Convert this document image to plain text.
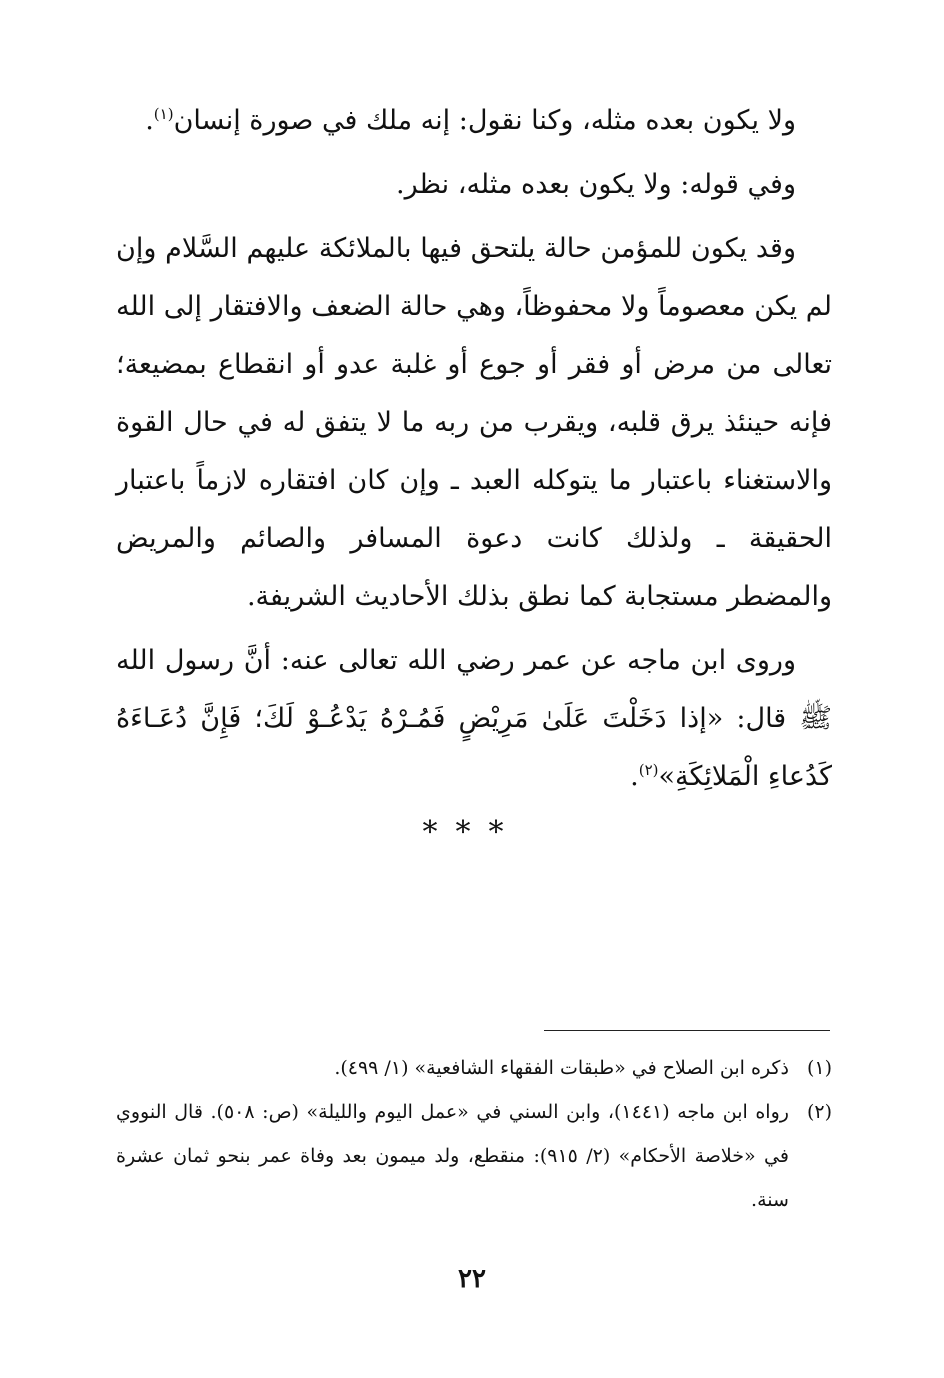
ولا يكون بعده مثله، وكنا نقول: إنه ملك في صورة إنسان$^{(١)}$.

وفي قوله: ولا يكون بعده مثله، نظر.

وقد يكون للمؤمن حالة يلتحق فيها بالملائكة عليهم السَّلام وإن لم يكن معصوماً ولا محفوظاً، وهي حالة الضعف والافتقار إلى الله تعالى من مرض أو فقر أو جوع أو غلبة عدو أو انقطاع بمضيعة؛ فإنه حينئذ يرق قلبه، ويقرب من ربه ما لا يتفق له في حال القوة والاستغناء باعتبار ما يتوكله العبد ـ وإن كان افتقاره لازماً باعتبار الحقيقة ـ ولذلك كانت دعوة المسافر والصائم والمريض والمضطر مستجابة كما نطق بذلك الأحاديث الشريفة.

وروى ابن ماجه عن عمر رضي الله تعالى عنه: أنَّ رسول الله ﷺ قال: «إذا دَخَلْتَ عَلَىٰ مَرِيْضٍ فَمُـرْهُ يَدْعُـوْ لَكَ؛ فَإِنَّ دُعَـاءَهُ كَدُعاءِ الْمَلائِكَةِ»$^{(٢)}$.

***
(١)
ذكره ابن الصلاح في «طبقات الفقهاء الشافعية» (١/ ٤٩٩).
(٢)
رواه ابن ماجه (١٤٤١)، وابن السني في «عمل اليوم والليلة» (ص: ٥٠٨). قال النووي في «خلاصة الأحكام» (٢/ ٩١٥): منقطع، ولد ميمون بعد وفاة عمر بنحو ثمان عشرة سنة.
٢٢
